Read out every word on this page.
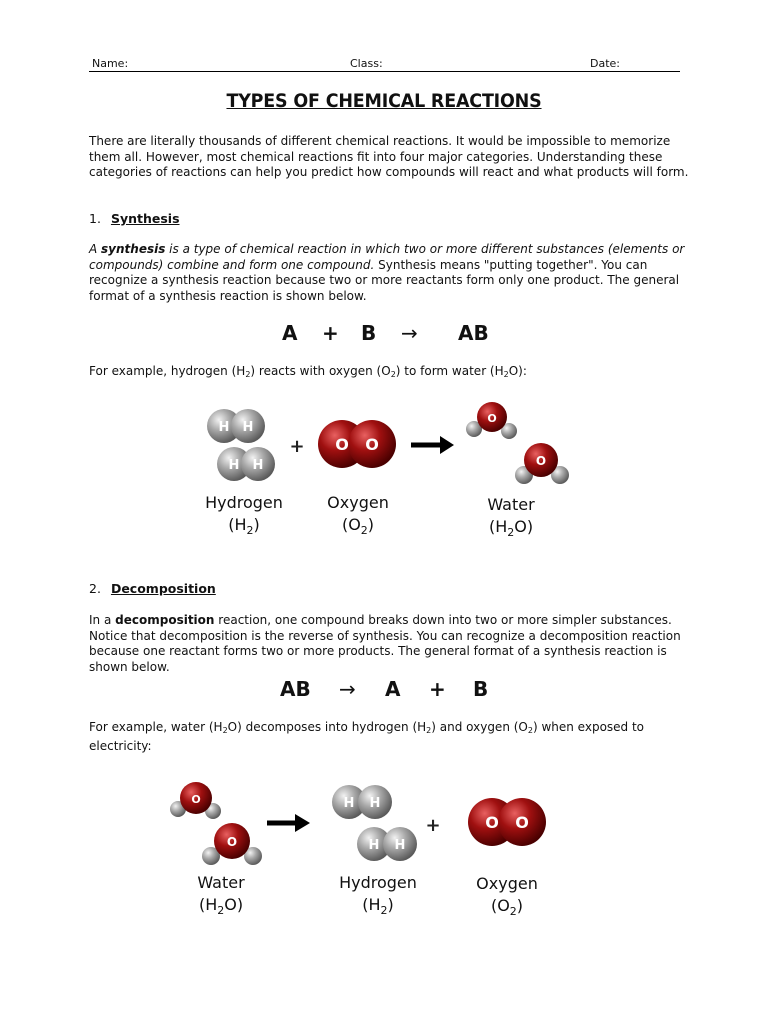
Name:	Class:	Date:
TYPES OF CHEMICAL REACTIONS
There are literally thousands of different chemical reactions. It would be impossible to memorize them all. However, most chemical reactions fit into four major categories. Understanding these categories of reactions can help you predict how compounds will react and what products will form.
1. Synthesis
A synthesis is a type of chemical reaction in which two or more different substances (elements or compounds) combine and form one compound. Synthesis means "putting together". You can recognize a synthesis reaction because two or more reactants form only one product. The general format of a synthesis reaction is shown below.
A + B → AB
For example, hydrogen $(H_2)$ reacts with oxygen $(O_2)$ to form water $(H_2O)$:
H H
H H
+ O O
O
O
Hydrogen
$(H_2)$
Oxygen
$(O_2)$
Water
$(H_2O)$
2. Decomposition
In a decomposition reaction, one compound breaks down into two or more simpler substances. Notice that decomposition is the reverse of synthesis. You can recognize a decomposition reaction because one reactant forms two or more products. The general format of a synthesis reaction is shown below.
AB → A + B
For example, water $(H_2O)$ decomposes into hydrogen $(H_2)$ and oxygen $(O_2)$ when exposed to electricity:
O
O
H H
H H
+	O O
Water
$(H_2O)$
Hydrogen
$(H_2)$
Oxygen
$(O_2)$
